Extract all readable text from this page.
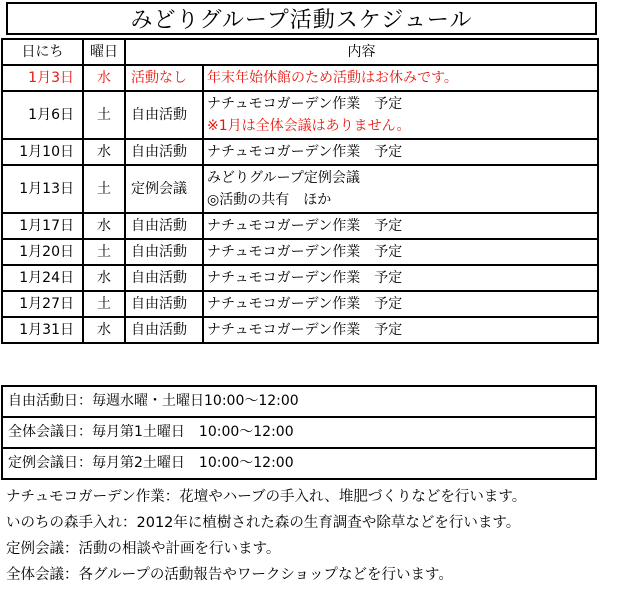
みどりグループ活動スケジュール
日にち	曜日	内容	
1月3日	水	活動なし	年末年始休館のため活動はお休みです。

1月6日	土	自由活動	ナチュモコガーデン作業　予定
※1月は全体会議はありません。

1月10日	水	自由活動	ナチュモコガーデン作業　予定

1月13日	土	定例会議	みどりグループ定例会議
◎活動の共有　ほか

1月17日	水	自由活動	ナチュモコガーデン作業　予定

1月20日	土	自由活動	ナチュモコガーデン作業　予定

1月24日	水	自由活動	ナチュモコガーデン作業　予定

1月27日	土	自由活動	ナチュモコガーデン作業　予定

1月31日	水	自由活動	ナチュモコガーデン作業　予定
自由活動日：毎週水曜・土曜日10:00～12:00
全体会議日：毎月第1土曜日　10:00～12:00
定例会議日：毎月第2土曜日　10:00～12:00
ナチュモコガーデン作業：花壇やハーブの手入れ、堆肥づくりなどを行います。
いのちの森手入れ：2012年に植樹された森の生育調査や除草などを行います。
定例会議：活動の相談や計画を行います。
全体会議：各グループの活動報告やワークショップなどを行います。
